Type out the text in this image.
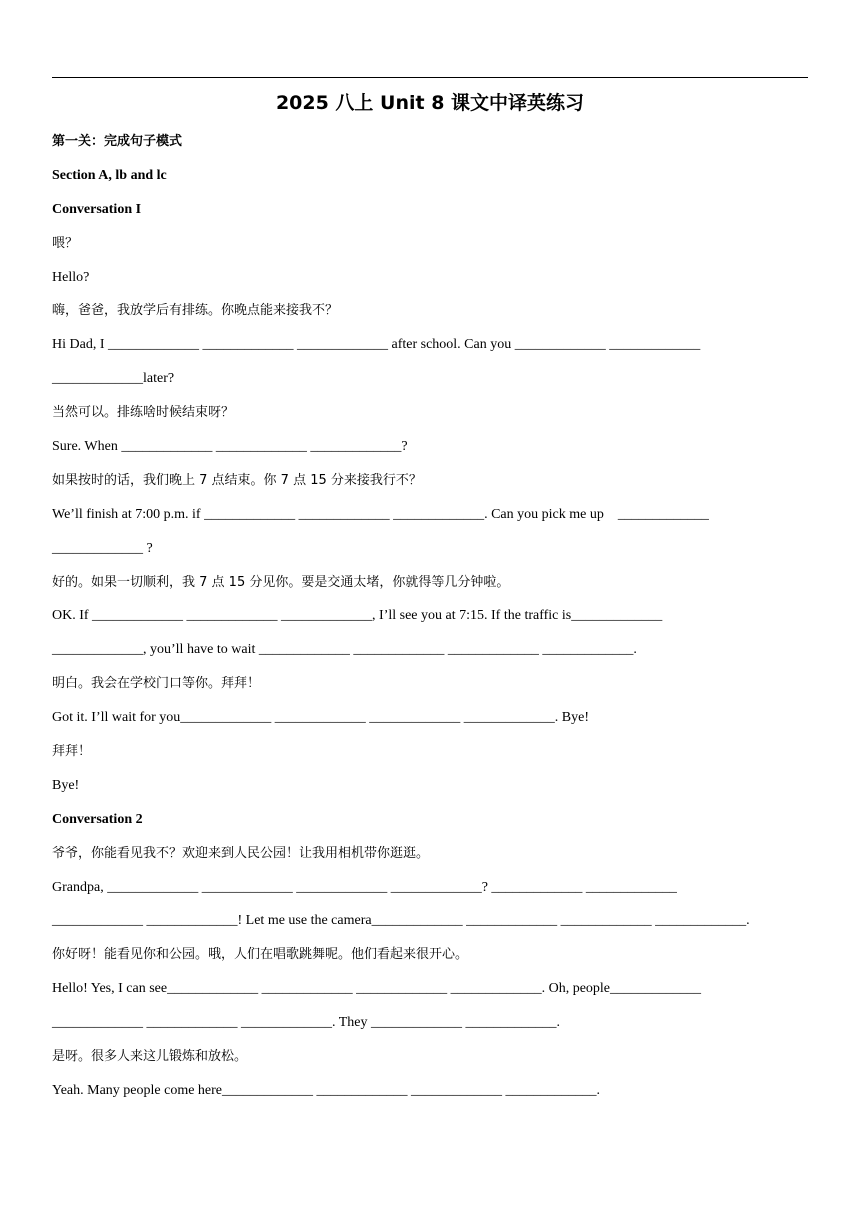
2025 八上 Unit 8 课文中译英练习
第一关：完成句子模式
Section A, lb and lc
Conversation I
喂？
Hello?
嗨，爸爸，我放学后有排练。你晚点能来接我不？
Hi Dad, I _____________ _____________ _____________ after school. Can you _____________ _____________
_____________later?
当然可以。排练啥时候结束呀？
Sure. When _____________ _____________ _____________?
如果按时的话，我们晚上 7 点结束。你 7 点 15 分来接我行不？
We’ll finish at 7:00 p.m. if _____________ _____________ _____________. Can you pick me up    _____________
_____________ ?
好的。如果一切顺利，我 7 点 15 分见你。要是交通太堵，你就得等几分钟啦。
OK. If _____________ _____________ _____________, I’ll see you at 7:15. If the traffic is_____________
_____________, you’ll have to wait _____________ _____________ _____________ _____________.
明白。我会在学校门口等你。拜拜！
Got it. I’ll wait for you_____________ _____________ _____________ _____________. Bye!
拜拜！
Bye!
Conversation 2
爷爷，你能看见我不？欢迎来到人民公园！让我用相机带你逛逛。
Grandpa, _____________ _____________ _____________ _____________? _____________ _____________
_____________ _____________! Let me use the camera_____________ _____________ _____________ _____________.
你好呀！能看见你和公园。哦，人们在唱歌跳舞呢。他们看起来很开心。
Hello! Yes, I can see_____________ _____________ _____________ _____________. Oh, people_____________
_____________ _____________ _____________. They _____________ _____________.
是呀。很多人来这儿锻炼和放松。
Yeah. Many people come here_____________ _____________ _____________ _____________.
